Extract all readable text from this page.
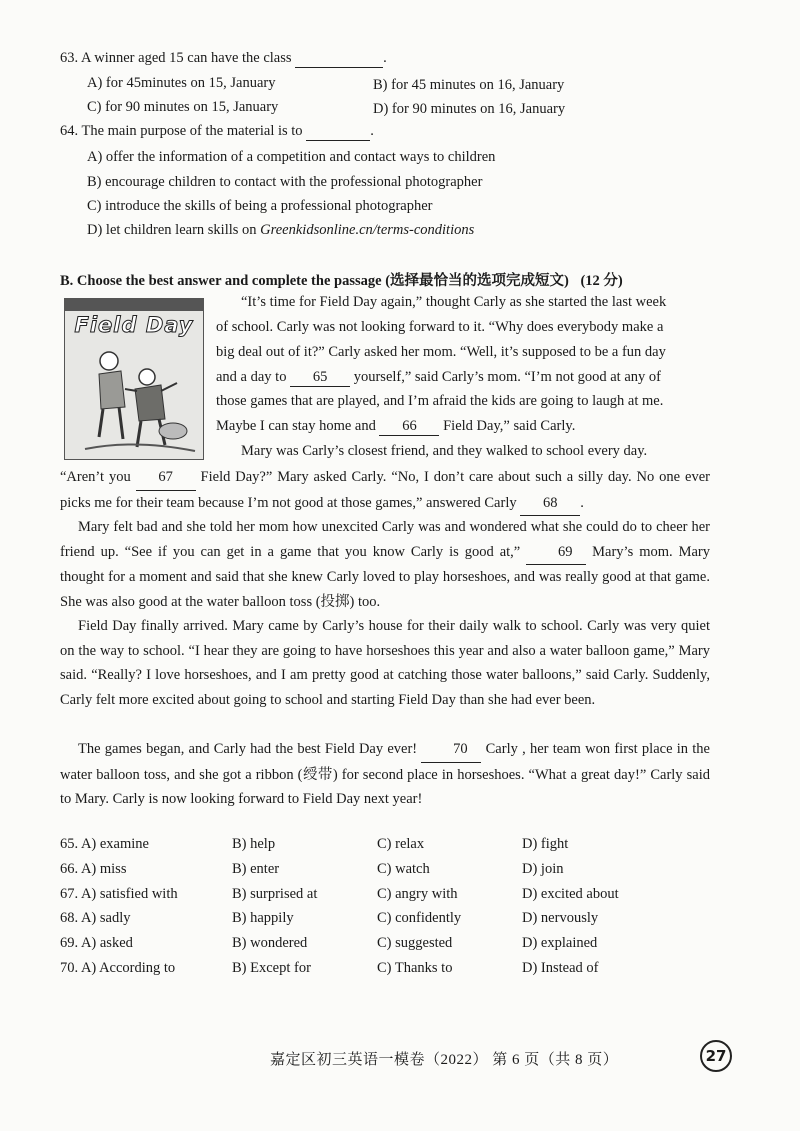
63. A winner aged 15 can have the class	.
A) for 45minutes on 15, January	B) for 45 minutes on 16, January
C) for 90 minutes on 15, January	D) for 90 minutes on 16, January
64. The main purpose of the material is to	.
A) offer the information of a competition and contact ways to children
B) encourage children to contact with the professional photographer
C) introduce the skills of being a professional photographer
D) let children learn skills on Greenkidsonline.cn/terms-conditions
B. Choose the best answer and complete the passage (选择最恰当的选项完成短文) (12 分)
Field Day
“It’s time for Field Day again,” thought Carly as she started the last week
of school. Carly was not looking forward to it. “Why does everybody make a
big deal out of it?” Carly asked her mom. “Well, it’s supposed to be a fun day
and a day to 65 yourself,” said Carly’s mom. “I’m not good at any of
those games that are played, and I’m afraid the kids are going to laugh at me.
Maybe I can stay home and 66 Field Day,” said Carly.
Mary was Carly’s closest friend, and they walked to school every day.
“Aren’t you 67 Field Day?” Mary asked Carly. “No, I don’t care about such a silly day. No one ever picks me for their team because I’m not good at those games,” answered Carly 68 .
Mary felt bad and she told her mom how unexcited Carly was and wondered what she could do to cheer her friend up. “See if you can get in a game that you know Carly is good at,” 69 Mary’s mom. Mary thought for a moment and said that she knew Carly loved to play horseshoes, and was really good at that game. She was also good at the water balloon toss (投掷) too.
Field Day finally arrived. Mary came by Carly’s house for their daily walk to school. Carly was very quiet on the way to school. “I hear they are going to have horseshoes this year and also a water balloon game,” Mary said. “Really? I love horseshoes, and I am pretty good at catching those water balloons,” said Carly. Suddenly, Carly felt more excited about going to school and starting Field Day than she had ever been.
The games began, and Carly had the best Field Day ever! 70 Carly , her team won first place in the water balloon toss, and she got a ribbon (绶带) for second place in horseshoes. “What a great day!” Carly said to Mary. Carly is now looking forward to Field Day next year!
65. A) examine	B) help	C) relax	D) fight
66. A) miss	B) enter	C) watch	D) join
67. A) satisfied with	B) surprised at	C) angry with	D) excited about
68. A) sadly	B) happily	C) confidently	D) nervously
69. A) asked	B) wondered	C) suggested	D) explained
70. A) According to	B) Except for	C) Thanks to	D) Instead of
嘉定区初三英语一模卷（2022） 第 6 页（共 8 页）	27
